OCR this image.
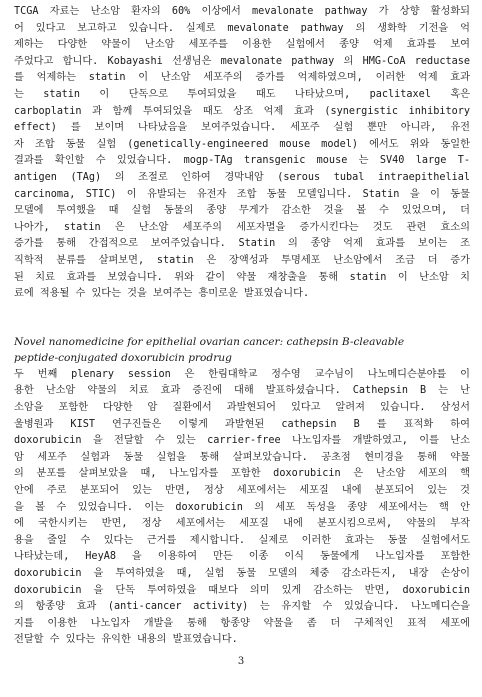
TCGA 자료는 난소암 환자의 60% 이상에서 mevalonate pathway 가 상향 활성화되
어 있다고 보고하고 있습니다. 실제로 mevalonate pathway 의 생화학 기전을 억
제하는 다양한 약물이 난소암 세포주를 이용한 실험에서 종양 억제 효과를 보여
주었다고 합니다. Kobayashi 선생님은 mevalonate pathway 의 HMG-CoA reductase
를 억제하는 statin 이 난소암 세포주의 증가를 억제하였으며, 이러한 억제 효과
는 statin 이 단독으로 투여되었을 때도 나타났으며, paclitaxel 혹은
carboplatin 과 함께 투여되었을 때도 상조 억제 효과 (synergistic inhibitory
effect) 를 보이며 나타났음을 보여주었습니다. 세포주 실험 뿐만 아니라, 유전
자 조합 동물 실험 (genetically-engineered mouse model) 에서도 위와 동일한
결과를 확인할 수 있었습니다. mogp-TAg transgenic mouse 는 SV40 large T-
antigen (TAg) 의 조절로 인하여 경막내암 (serous tubal intraepithelial
carcinoma, STIC) 이 유발되는 유전자 조합 동물 모델입니다. Statin 을 이 동물
모델에 투여했을 때 실험 동물의 종양 무게가 감소한 것을 볼 수 있었으며, 더
나아가, statin 은 난소암 세포주의 세포자멸을 증가시킨다는 것도 관련 효소의
증가를 통해 간접적으로 보여주었습니다. Statin 의 종양 억제 효과를 보이는 조
직학적 분류를 살펴보면, statin 은 장액성과 투명세포 난소암에서 조금 더 증가
된 치료 효과를 보였습니다. 위와 같이 약물 재창출을 통해 statin 이 난소암 치
료에 적용될 수 있다는 것을 보여주는 흥미로운 발표였습니다.
Novel nanomedicine for epithelial ovarian cancer: cathepsin B-cleavable
peptide-conjugated doxorubicin prodrug
두 번째 plenary session 은 한림대학교 정수영 교수님이 나노메디슨분야를 이
용한 난소암 약물의 치료 효과 증진에 대해 발표하셨습니다. Cathepsin B 는 난
소암을 포함한 다양한 암 질환에서 과발현되어 있다고 알려져 있습니다. 삼성서
울병원과 KIST 연구진들은 이렇게 과발현된 cathepsin B 를 표적화 하여
doxorubicin 을 전달할 수 있는 carrier-free 나노입자를 개발하였고, 이를 난소
암 세포주 실험과 동물 실험을 통해 살펴보았습니다. 공초점 현미경을 통해 약물
의 분포를 살펴보았을 때, 나노입자를 포함한 doxorubicin 은 난소암 세포의 핵
안에 주로 분포되어 있는 반면, 정상 세포에서는 세포질 내에 분포되어 있는 것
을 볼 수 있었습니다. 이는 doxorubicin 의 세포 독성을 종양 세포에서는 핵 안
에 국한시키는 반면, 정상 세포에서는 세포질 내에 분포시킴으로써, 약물의 부작
용을 줄일 수 있다는 근거를 제시합니다. 실제로 이러한 효과는 동물 실험에서도
나타났는데, HeyA8 을 이용하여 만든 이종 이식 동물에게 나노입자를 포함한
doxorubicin 을 투여하였을 때, 실험 동물 모델의 체중 감소라든지, 내장 손상이
doxorubicin 을 단독 투여하였을 때보다 의미 있게 감소하는 반면, doxorubicin
의 항종양 효과 (anti-cancer activity) 는 유지할 수 있었습니다. 나노메디슨을
지를 이용한 나노입자 개발을 통해 항종양 약물을 좀 더 구체적인 표적 세포에
전달할 수 있다는 유익한 내용의 발표였습니다.
3
